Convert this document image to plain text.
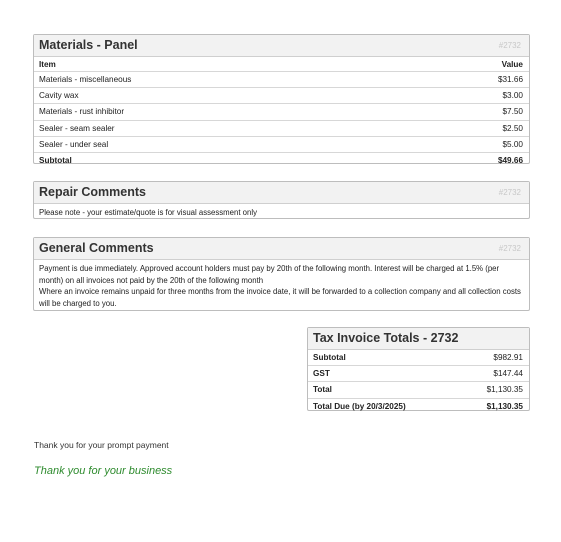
Materials - Panel	#2732
Item	Value
Materials - miscellaneous	$31.66
Cavity wax	$3.00
Materials - rust inhibitor	$7.50
Sealer - seam sealer	$2.50
Sealer - under seal	$5.00
Subtotal	$49.66
Repair Comments	#2732
Please note - your estimate/quote is for visual assessment only
General Comments	#2732
Payment is due immediately. Approved account holders must pay by 20th of the following month. Interest will be charged at 1.5% (per month) on all invoices not paid by the 20th of the following month
Where an invoice remains unpaid for three months from the invoice date, it will be forwarded to a collection company and all collection costs will be charged to you.
Tax Invoice Totals - 2732
Subtotal	$982.91
GST	$147.44
Total	$1,130.35
Total Due (by 20/3/2025)	$1,130.35
Thank you for your prompt payment
Thank you for your business
